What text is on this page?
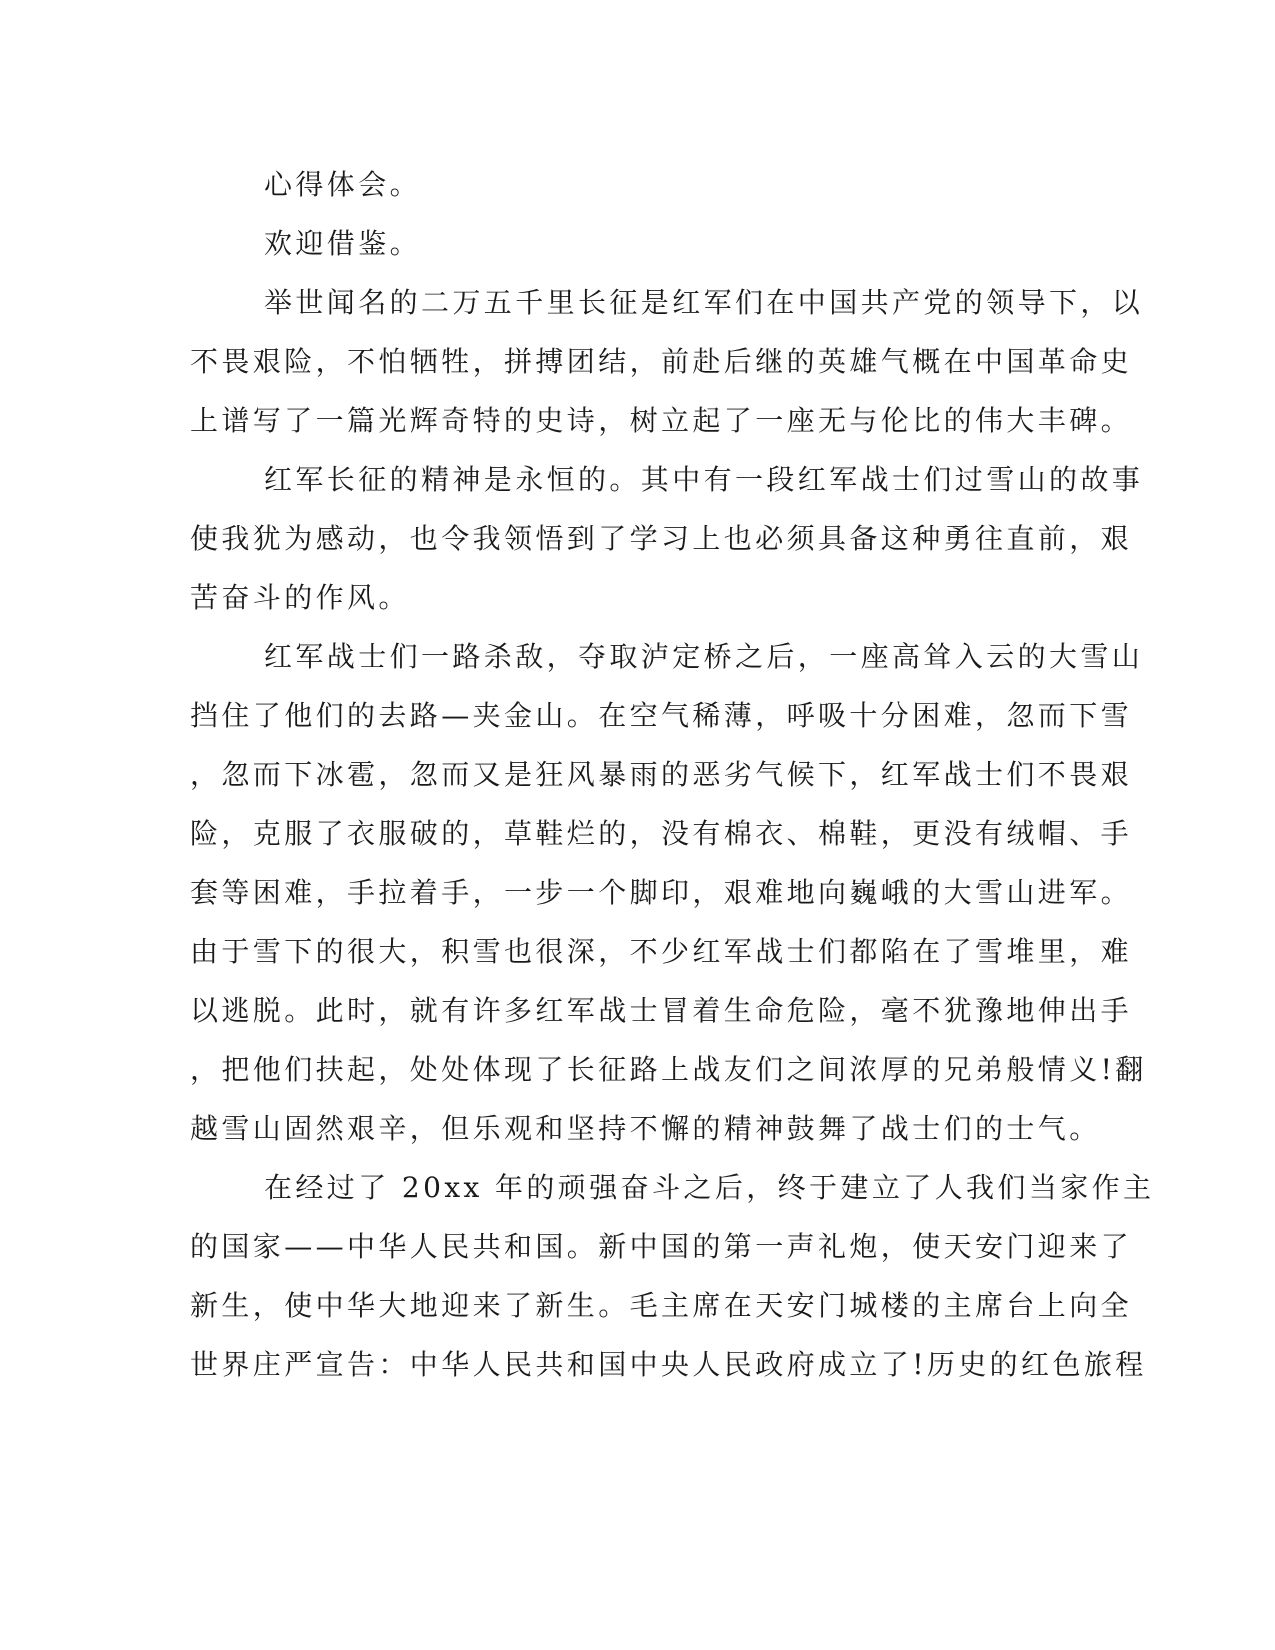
心得体会。

欢迎借鉴。

举世闻名的二万五千里长征是红军们在中国共产党的领导下，以

不畏艰险，不怕牺牲，拼搏团结，前赴后继的英雄气概在中国革命史

上谱写了一篇光辉奇特的史诗，树立起了一座无与伦比的伟大丰碑。

红军长征的精神是永恒的。其中有一段红军战士们过雪山的故事

使我犹为感动，也令我领悟到了学习上也必须具备这种勇往直前，艰

苦奋斗的作风。

红军战士们一路杀敌，夺取泸定桥之后，一座高耸入云的大雪山

挡住了他们的去路—夹金山。在空气稀薄，呼吸十分困难，忽而下雪

，忽而下冰雹，忽而又是狂风暴雨的恶劣气候下，红军战士们不畏艰

险，克服了衣服破的，草鞋烂的，没有棉衣、棉鞋，更没有绒帽、手

套等困难，手拉着手，一步一个脚印，艰难地向巍峨的大雪山进军。

由于雪下的很大，积雪也很深，不少红军战士们都陷在了雪堆里，难

以逃脱。此时，就有许多红军战士冒着生命危险，毫不犹豫地伸出手

，把他们扶起，处处体现了长征路上战友们之间浓厚的兄弟般情义!翻

越雪山固然艰辛，但乐观和坚持不懈的精神鼓舞了战士们的士气。

在经过了 20xx 年的顽强奋斗之后，终于建立了人我们当家作主

的国家——中华人民共和国。新中国的第一声礼炮，使天安门迎来了

新生，使中华大地迎来了新生。毛主席在天安门城楼的主席台上向全

世界庄严宣告：中华人民共和国中央人民政府成立了!历史的红色旅程
